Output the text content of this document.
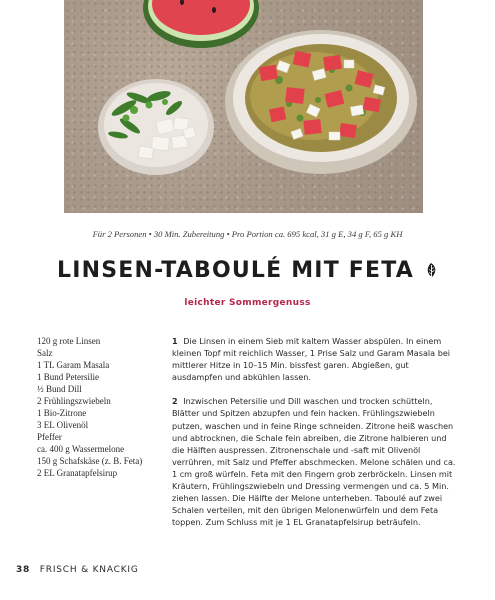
Für 2 Personen • 30 Min. Zubereitung • Pro Portion ca. 695 kcal, 31 g E, 34 g F, 65 g KH
LINSEN-TABOULÉ MIT FETA
leichter Sommergenuss
120 g rote Linsen
Salz
1 TL Garam Masala
1 Bund Petersilie
½ Bund Dill
2 Frühlingszwiebeln
1 Bio-Zitrone
3 EL Olivenöl
Pfeffer
ca. 400 g Wassermelone
150 g Schafskäse (z. B. Feta)
2 EL Granatapfelsirup
1 Die Linsen in einem Sieb mit kaltem Wasser abspülen. In einem kleinen Topf mit reichlich Wasser, 1 Prise Salz und Garam Masala bei mittlerer Hitze in 10–15 Min. bissfest garen. Abgießen, gut ausdampfen und abkühlen lassen.
2 Inzwischen Petersilie und Dill waschen und trocken schütteln, Blätter und Spitzen abzupfen und fein hacken. Frühlingszwiebeln putzen, waschen und in feine Ringe schneiden. Zitrone heiß waschen und abtrocknen, die Schale fein abreiben, die Zitrone halbieren und die Hälften auspressen. Zitronenschale und -saft mit Olivenöl verrühren, mit Salz und Pfeffer abschmecken. Melone schälen und ca. 1 cm groß würfeln. Feta mit den Fingern grob zerbröckeln. Linsen mit Kräutern, Frühlingszwiebeln und Dressing vermengen und ca. 5 Min. ziehen lassen. Die Hälfte der Melone unterheben. Taboulé auf zwei Schalen verteilen, mit den übrigen Melonenwürfeln und dem Feta toppen. Zum Schluss mit je 1 EL Granatapfelsirup beträufeln.
38 FRISCH & KNACKIG
